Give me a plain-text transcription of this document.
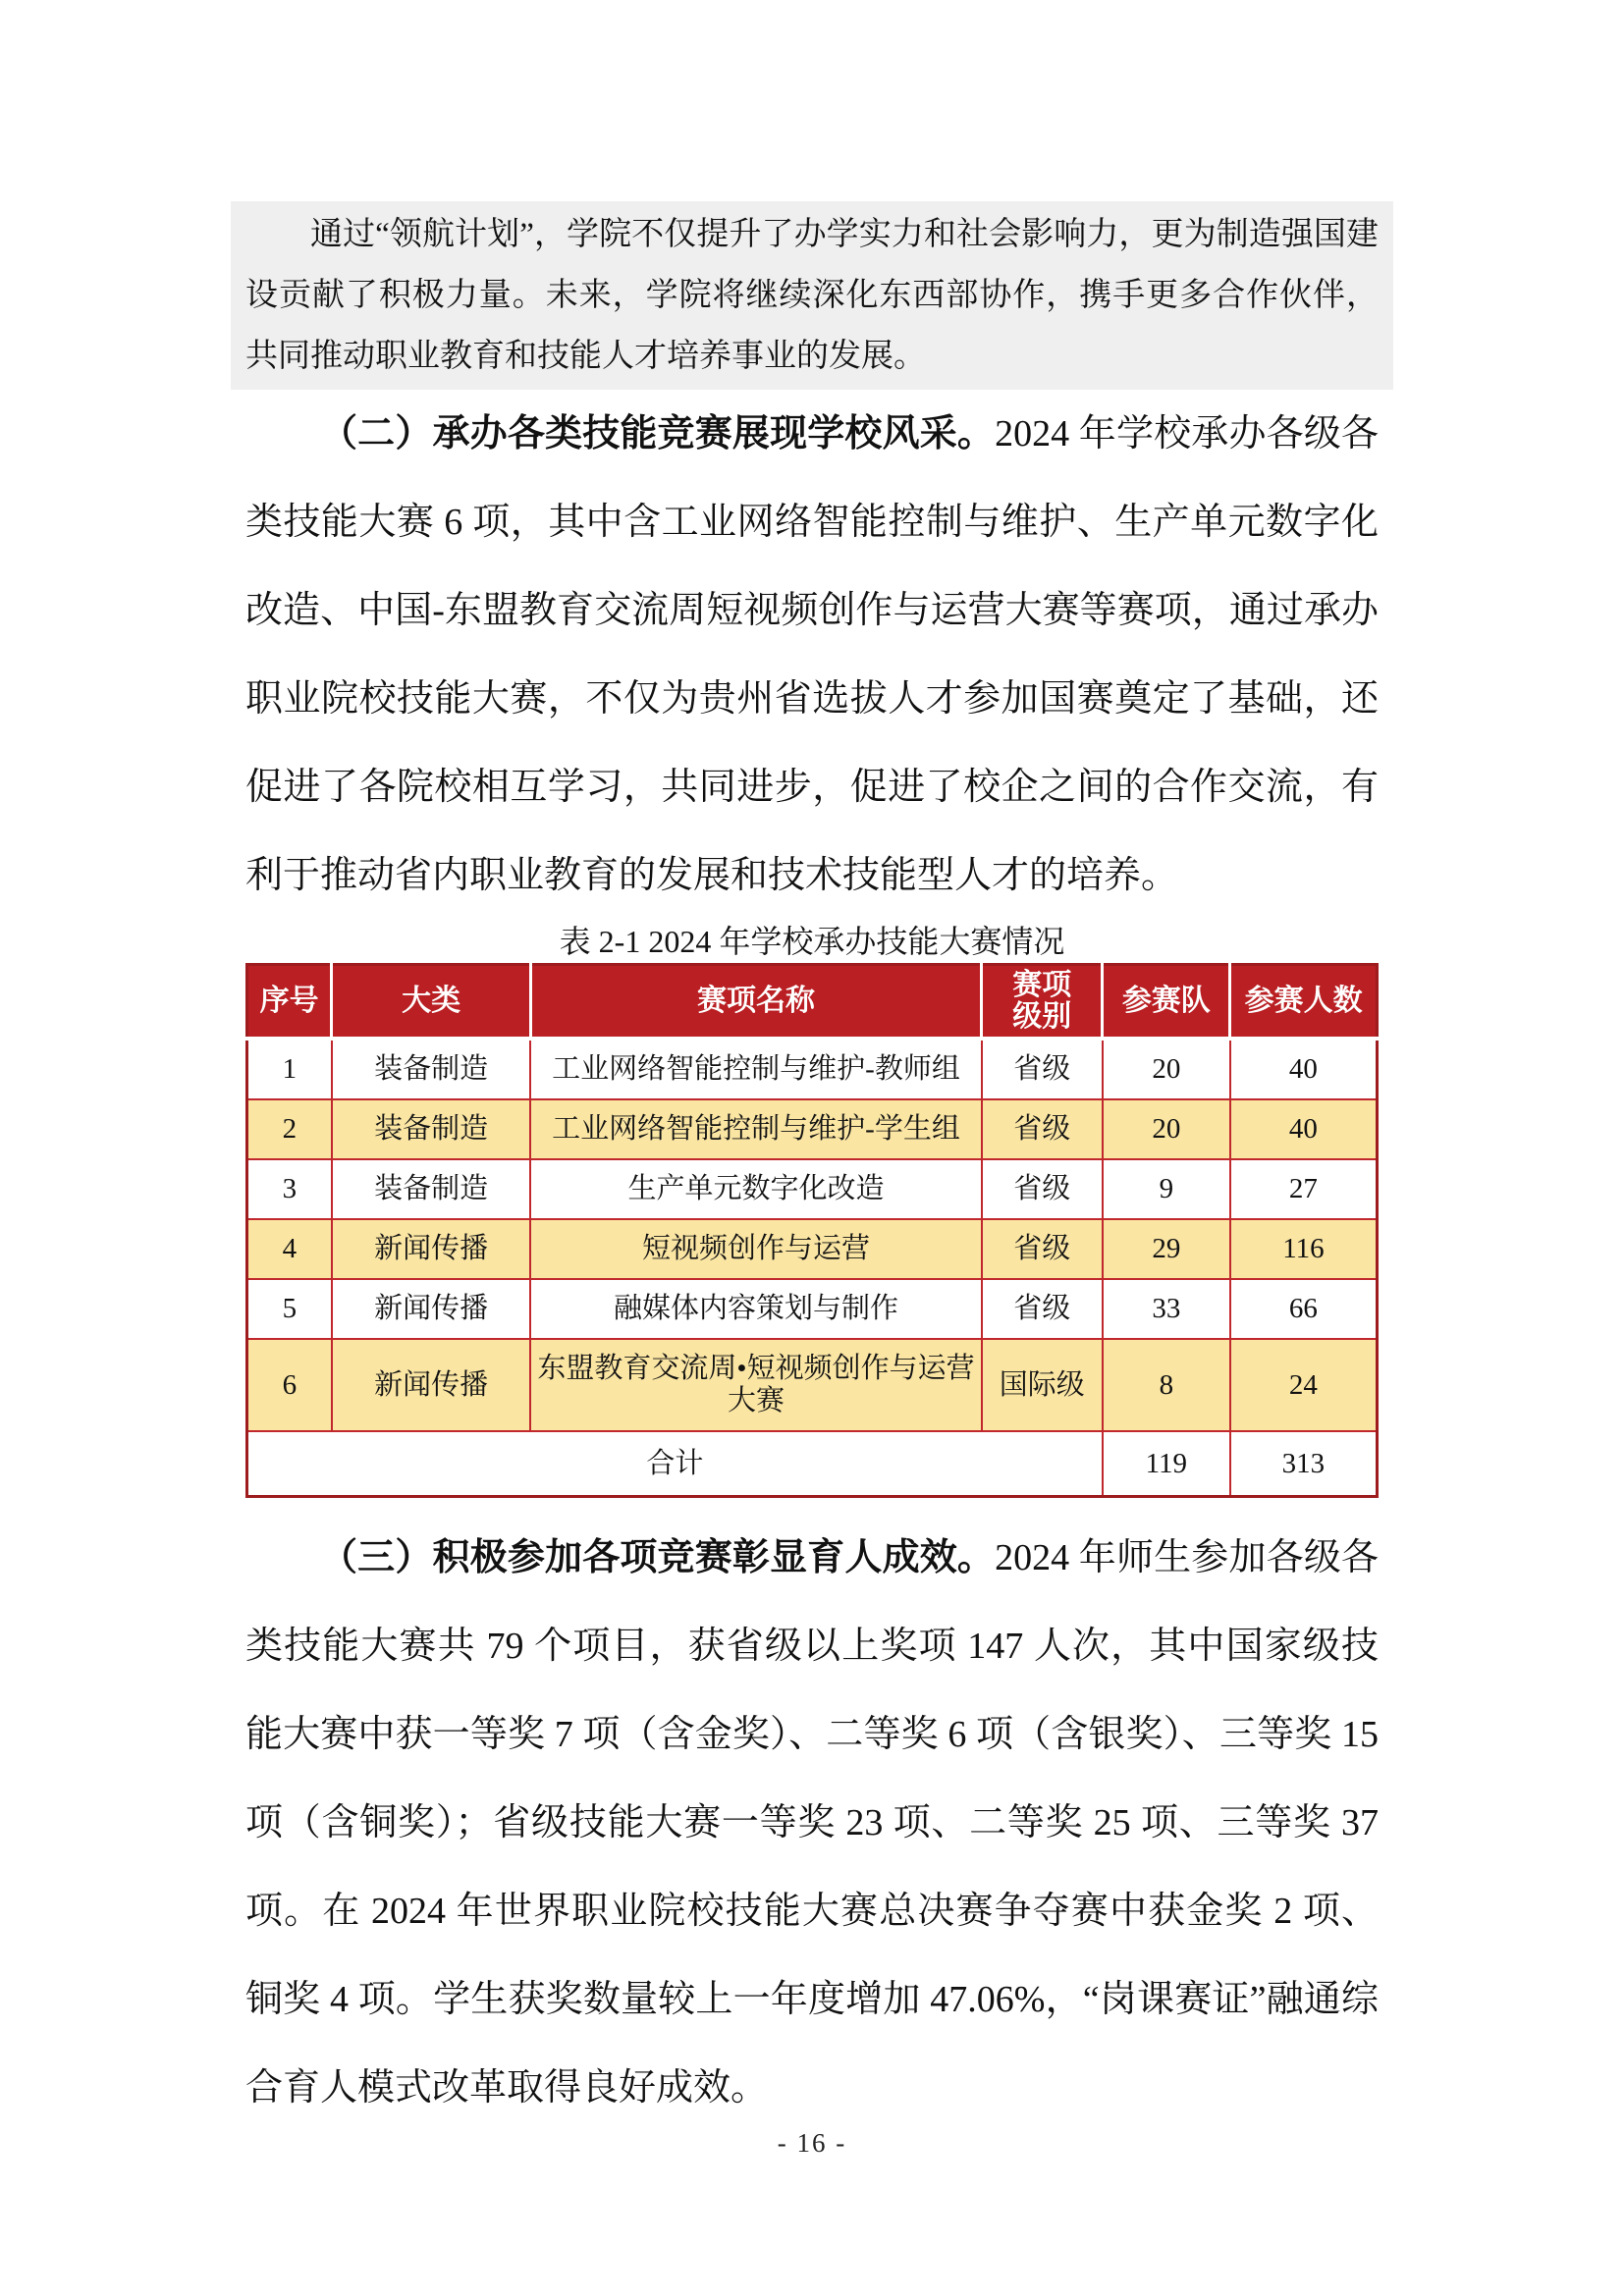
通过“领航计划”，学院不仅提升了办学实力和社会影响力，更为制造强国建设贡献了积极力量。未来，学院将继续深化东西部协作，携手更多合作伙伴，共同推动职业教育和技能人才培养事业的发展。

（二）承办各类技能竞赛展现学校风采。2024 年学校承办各级各类技能大赛 6 项，其中含工业网络智能控制与维护、生产单元数字化改造、中国-东盟教育交流周短视频创作与运营大赛等赛项，通过承办职业院校技能大赛，不仅为贵州省选拔人才参加国赛奠定了基础，还促进了各院校相互学习，共同进步，促进了校企之间的合作交流，有利于推动省内职业教育的发展和技术技能型人才的培养。

表 2-1 2024 年学校承办技能大赛情况

序号	大类	赛项名称	赛项级别	参赛队	参赛人数
1	装备制造	工业网络智能控制与维护-教师组	省级	20	40
2	装备制造	工业网络智能控制与维护-学生组	省级	20	40
3	装备制造	生产单元数字化改造	省级	9	27
4	新闻传播	短视频创作与运营	省级	29	116
5	新闻传播	融媒体内容策划与制作	省级	33	66
6	新闻传播	东盟教育交流周•短视频创作与运营大赛	国际级	8	24
合计				119	313

（三）积极参加各项竞赛彰显育人成效。2024 年师生参加各级各类技能大赛共 79 个项目，获省级以上奖项 147 人次，其中国家级技能大赛中获一等奖 7 项（含金奖）、二等奖 6 项（含银奖）、三等奖 15 项（含铜奖）；省级技能大赛一等奖 23 项、二等奖 25 项、三等奖 37 项。在 2024 年世界职业院校技能大赛总决赛争夺赛中获金奖 2 项、铜奖 4 项。学生获奖数量较上一年度增加 47.06%，“岗课赛证”融通综合育人模式改革取得良好成效。

- 16 -
